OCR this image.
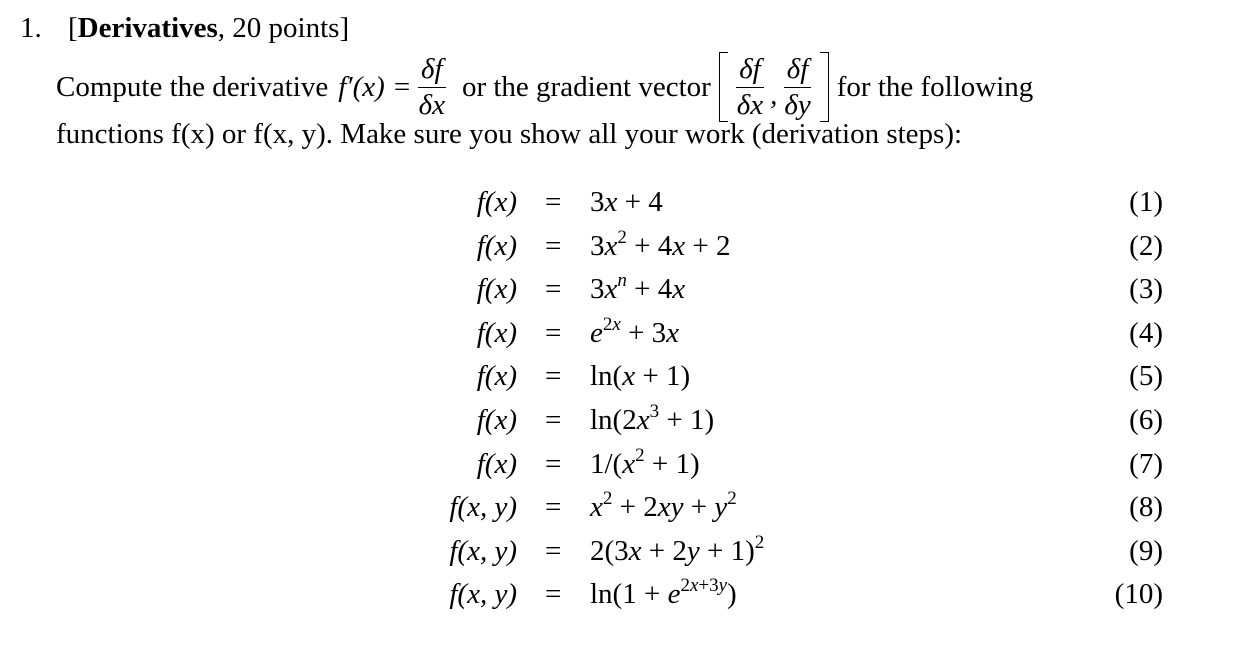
1. [ Derivatives , 20 points ]
Compute the derivative $f'(x) = \frac{\delta f}{\delta x}$ or the gradient vector $\frac{\delta f}{\delta x}$ , $\frac{\delta f}{\delta y}$ for the following
functions f(x) or f(x, y). Make sure you show all your work (derivation steps):
f(x) = 3x + 4	(1)
$f(x) = 3x^2 + 4x + 2$	(2)
$f(x) = 3x^n + 4x$	(3)
$f(x) = e^{2x} + 3x$	(4)
f(x) = ln(x + 1)	(5)
$f(x) = \ln(2x^3 + 1)$	(6)
$f(x) = 1/(x^2 + 1)$	(7)
f(x, $y) = x^2 + 2xy + y^2$	(8)
f(x, $y) = 2(3x + 2y + 1)^2$	(9)
f(x, $y) = \ln(1 + e^{2x+3y})$	(10)
